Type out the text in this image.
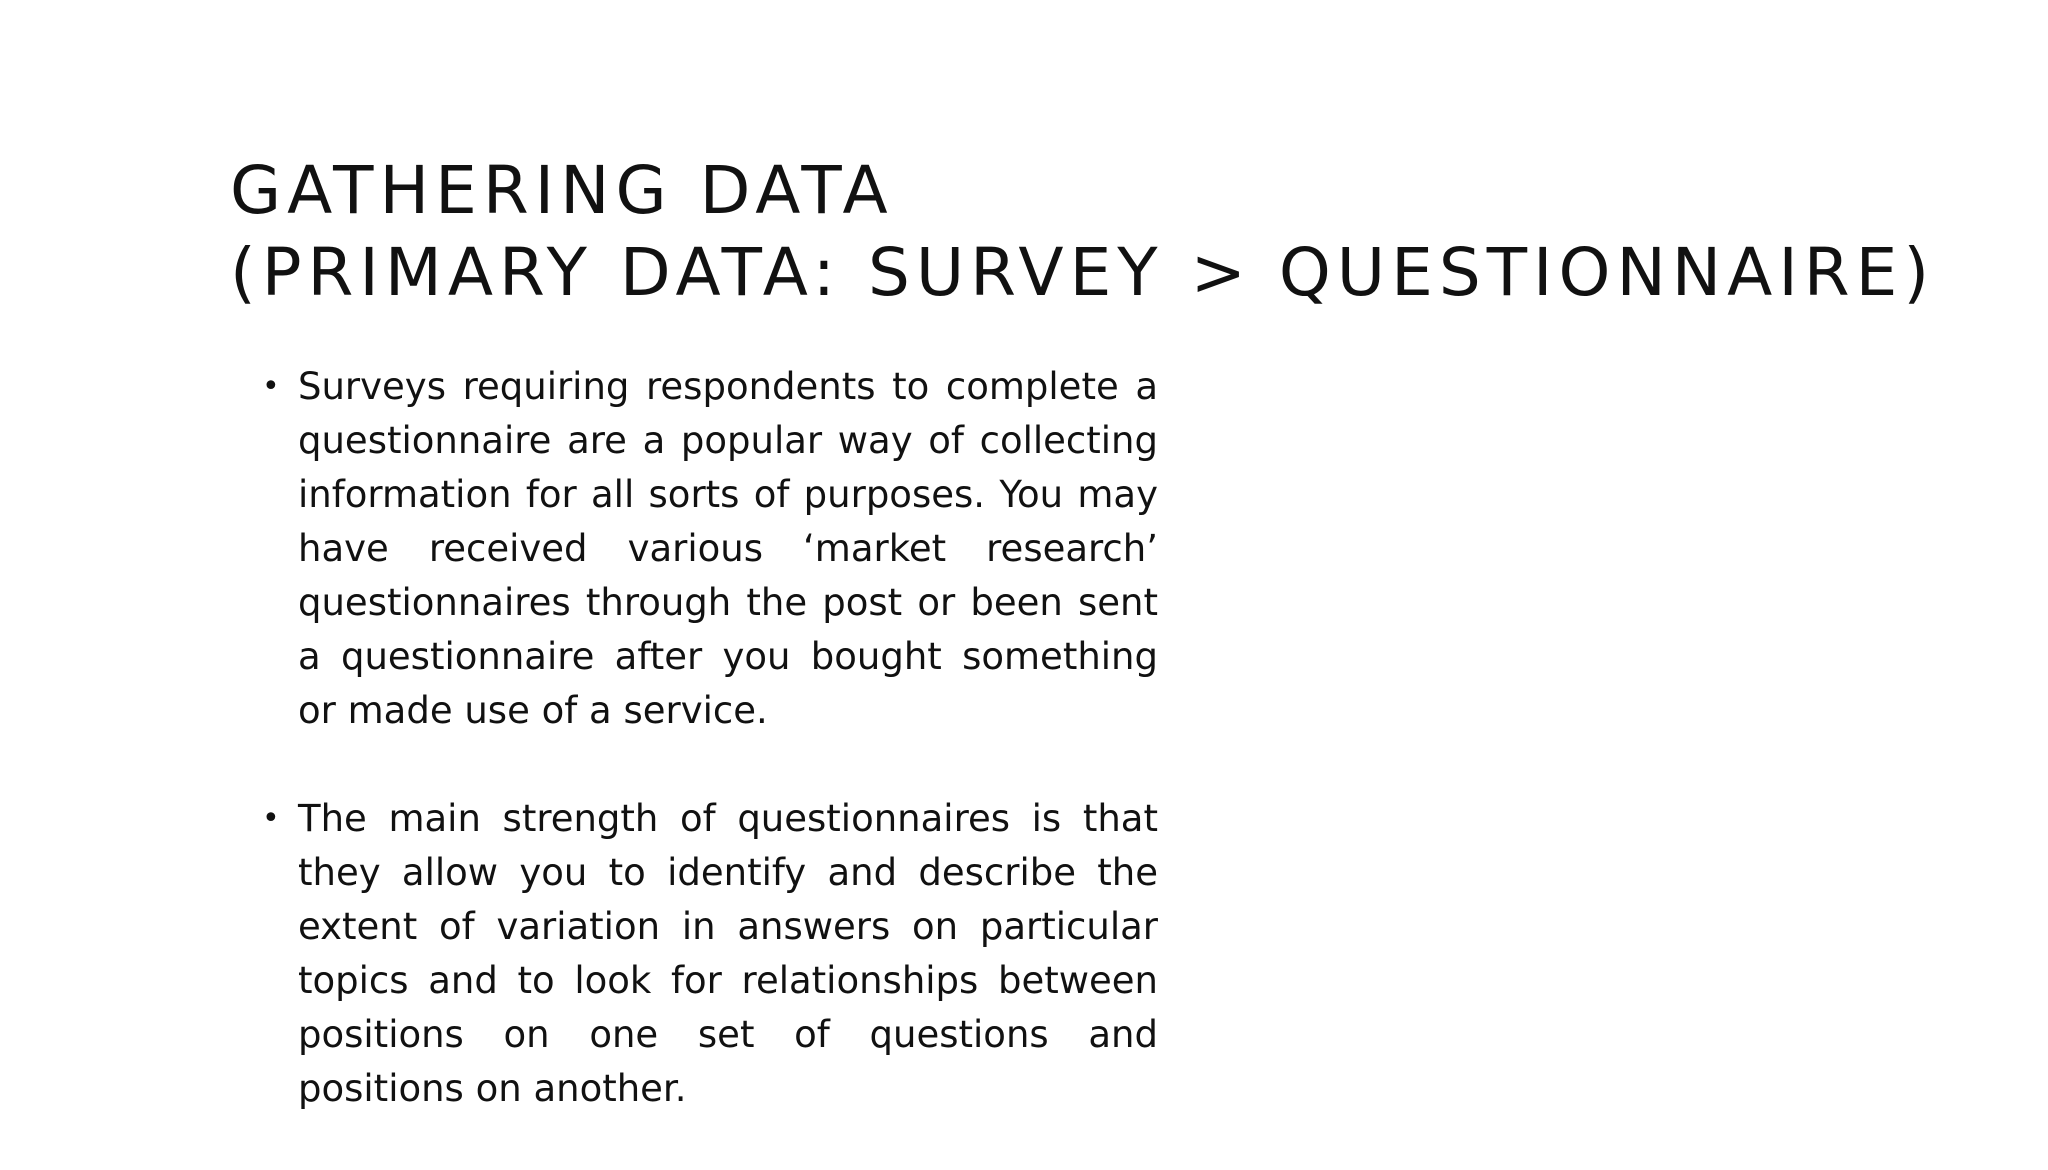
GATHERING DATA
(PRIMARY DATA: SURVEY > QUESTIONNAIRE)
• Surveys requiring respondents to complete a questionnaire are a popular way of collecting information for all sorts of purposes. You may have received various ‘market research’ questionnaires through the post or been sent a questionnaire after you bought something or made use of a service.
• The main strength of questionnaires is that they allow you to identify and describe the extent of variation in answers on particular topics and to look for relationships between positions on one set of questions and positions on another.
